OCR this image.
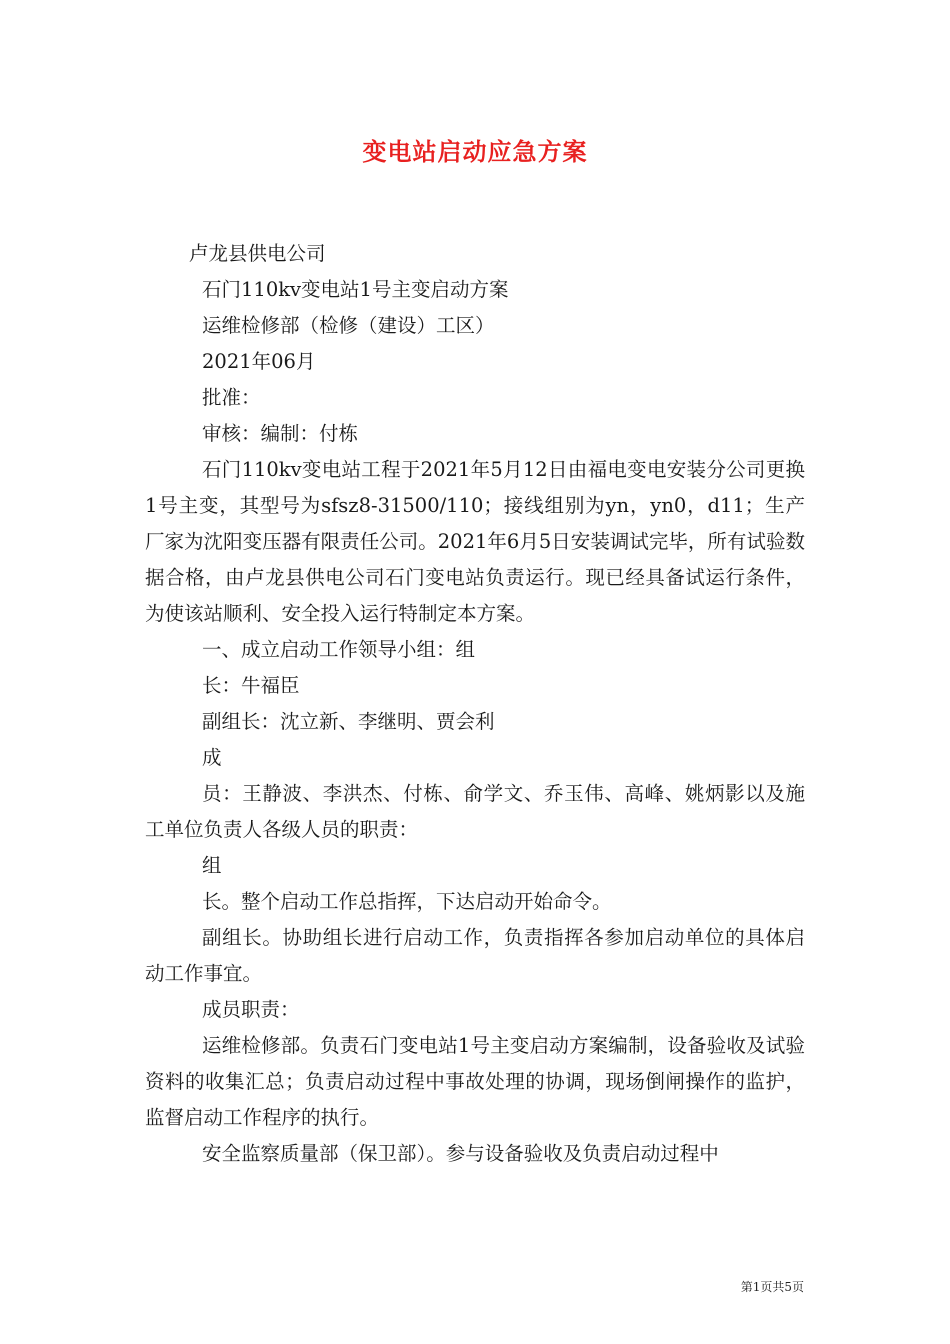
变电站启动应急方案
卢龙县供电公司
石门110kv变电站1号主变启动方案
运维检修部（检修（建设）工区）
2021年06月
批准：
审核：编制：付栋
石门110kv变电站工程于2021年5月12日由福电变电安装分公司更换1号主变，其型号为sfsz8-31500/110；接线组别为yn，yn0，d11；生产厂家为沈阳变压器有限责任公司。2021年6月5日安装调试完毕，所有试验数据合格，由卢龙县供电公司石门变电站负责运行。现已经具备试运行条件，为使该站顺利、安全投入运行特制定本方案。
一、成立启动工作领导小组：组
长：牛福臣
副组长：沈立新、李继明、贾会利
成
员：王静波、李洪杰、付栋、俞学文、乔玉伟、高峰、姚炳影以及施工单位负责人各级人员的职责：
组
长。整个启动工作总指挥，下达启动开始命令。
副组长。协助组长进行启动工作，负责指挥各参加启动单位的具体启动工作事宜。
成员职责：
运维检修部。负责石门变电站1号主变启动方案编制，设备验收及试验资料的收集汇总；负责启动过程中事故处理的协调，现场倒闸操作的监护，监督启动工作程序的执行。
安全监察质量部（保卫部）。参与设备验收及负责启动过程中
第1页共5页
